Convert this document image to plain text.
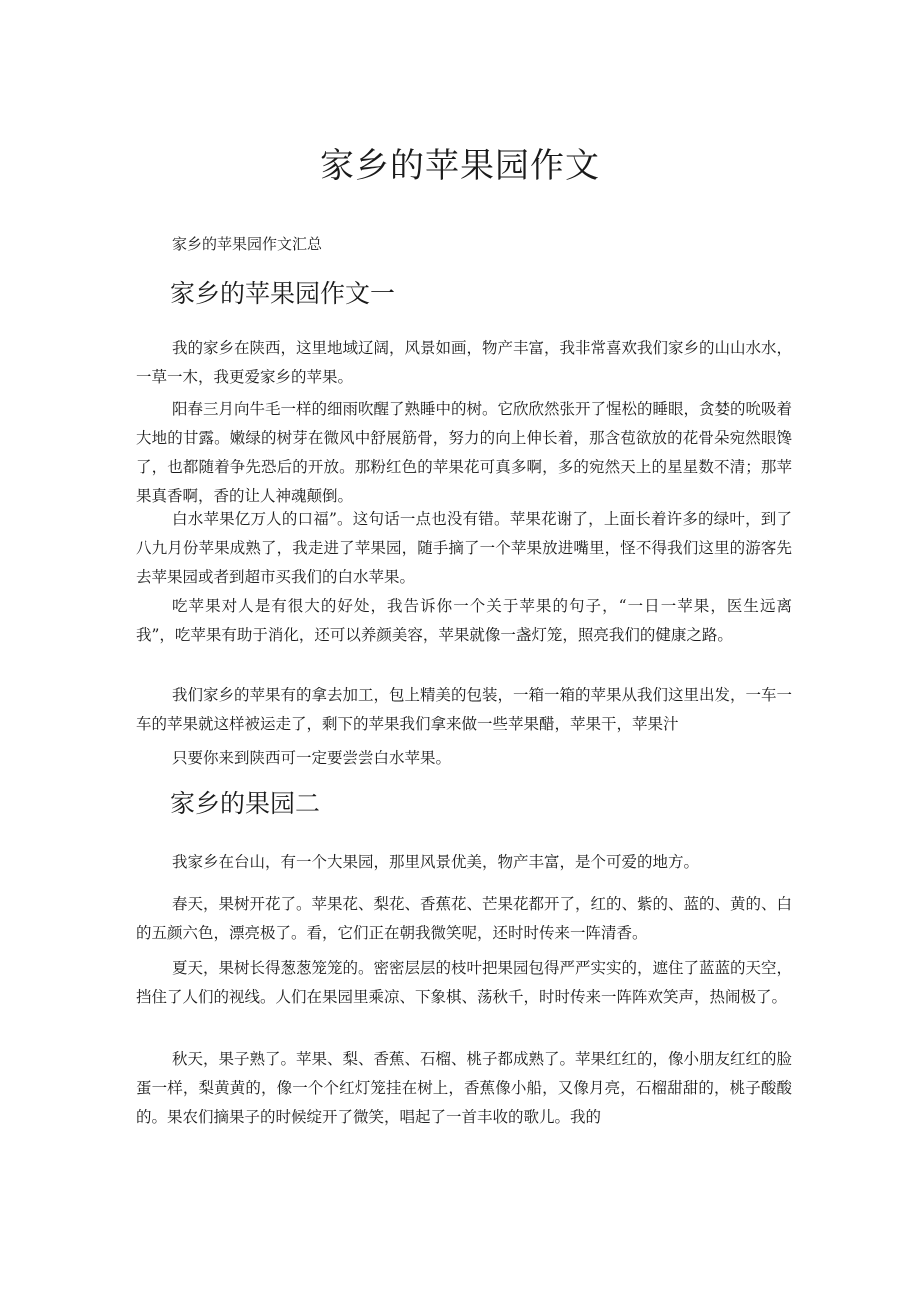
家乡的苹果园作文

家乡的苹果园作文汇总

家乡的苹果园作文一

我的家乡在陕西，这里地域辽阔，风景如画，物产丰富，我非常喜欢我们家乡的山山水水，一草一木，我更爱家乡的苹果。

阳春三月向牛毛一样的细雨吹醒了熟睡中的树。它欣欣然张开了惺松的睡眼，贪婪的吮吸着大地的甘露。嫩绿的树芽在微风中舒展筋骨，努力的向上伸长着，那含苞欲放的花骨朵宛然眼馋了，也都随着争先恐后的开放。那粉红色的苹果花可真多啊，多的宛然天上的星星数不清；那苹果真香啊，香的让人神魂颠倒。

白水苹果亿万人的口福”。这句话一点也没有错。苹果花谢了，上面长着许多的绿叶，到了八九月份苹果成熟了，我走进了苹果园，随手摘了一个苹果放进嘴里，怪不得我们这里的游客先去苹果园或者到超市买我们的白水苹果。

吃苹果对人是有很大的好处，我告诉你一个关于苹果的句子，“一日一苹果，医生远离我”，吃苹果有助于消化，还可以养颜美容，苹果就像一盏灯笼，照亮我们的健康之路。

我们家乡的苹果有的拿去加工，包上精美的包装，一箱一箱的苹果从我们这里出发，一车一车的苹果就这样被运走了，剩下的苹果我们拿来做一些苹果醋，苹果干，苹果汁

只要你来到陕西可一定要尝尝白水苹果。

家乡的果园二

我家乡在台山，有一个大果园，那里风景优美，物产丰富，是个可爱的地方。

春天，果树开花了。苹果花、梨花、香蕉花、芒果花都开了，红的、紫的、蓝的、黄的、白的五颜六色，漂亮极了。看，它们正在朝我微笑呢，还时时传来一阵清香。

夏天，果树长得葱葱笼笼的。密密层层的枝叶把果园包得严严实实的，遮住了蓝蓝的天空，挡住了人们的视线。人们在果园里乘凉、下象棋、荡秋千，时时传来一阵阵欢笑声，热闹极了。

秋天，果子熟了。苹果、梨、香蕉、石榴、桃子都成熟了。苹果红红的，像小朋友红红的脸蛋一样，梨黄黄的，像一个个红灯笼挂在树上，香蕉像小船，又像月亮，石榴甜甜的，桃子酸酸的。果农们摘果子的时候绽开了微笑，唱起了一首丰收的歌儿。我的
